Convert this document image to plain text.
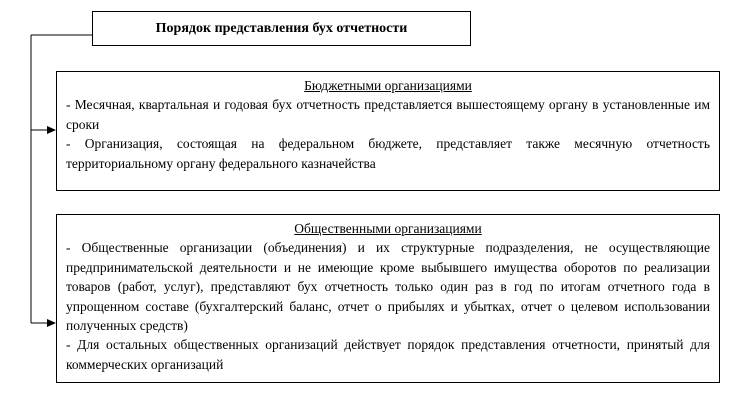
Порядок представления бух отчетности

Бюджетными организациями

- Месячная, квартальная и годовая бух отчетность представляется вышестоящему органу в установленные им сроки

- Организация, состоящая на федеральном бюджете, представляет также месячную отчетность территориальному органу федерального казначейства

Общественными организациями

- Общественные организации (объединения) и их структурные подразделения, не осуществляющие предпринимательской деятельности и не имеющие кроме выбывшего имущества оборотов по реализации товаров (работ, услуг), представляют бух отчетность только один раз в год по итогам отчетного года в упрощенном составе (бухгалтерский баланс, отчет о прибылях и убытках, отчет о целевом использовании полученных средств)

- Для остальных общественных организаций действует порядок представления отчетности, принятый для коммерческих организаций
